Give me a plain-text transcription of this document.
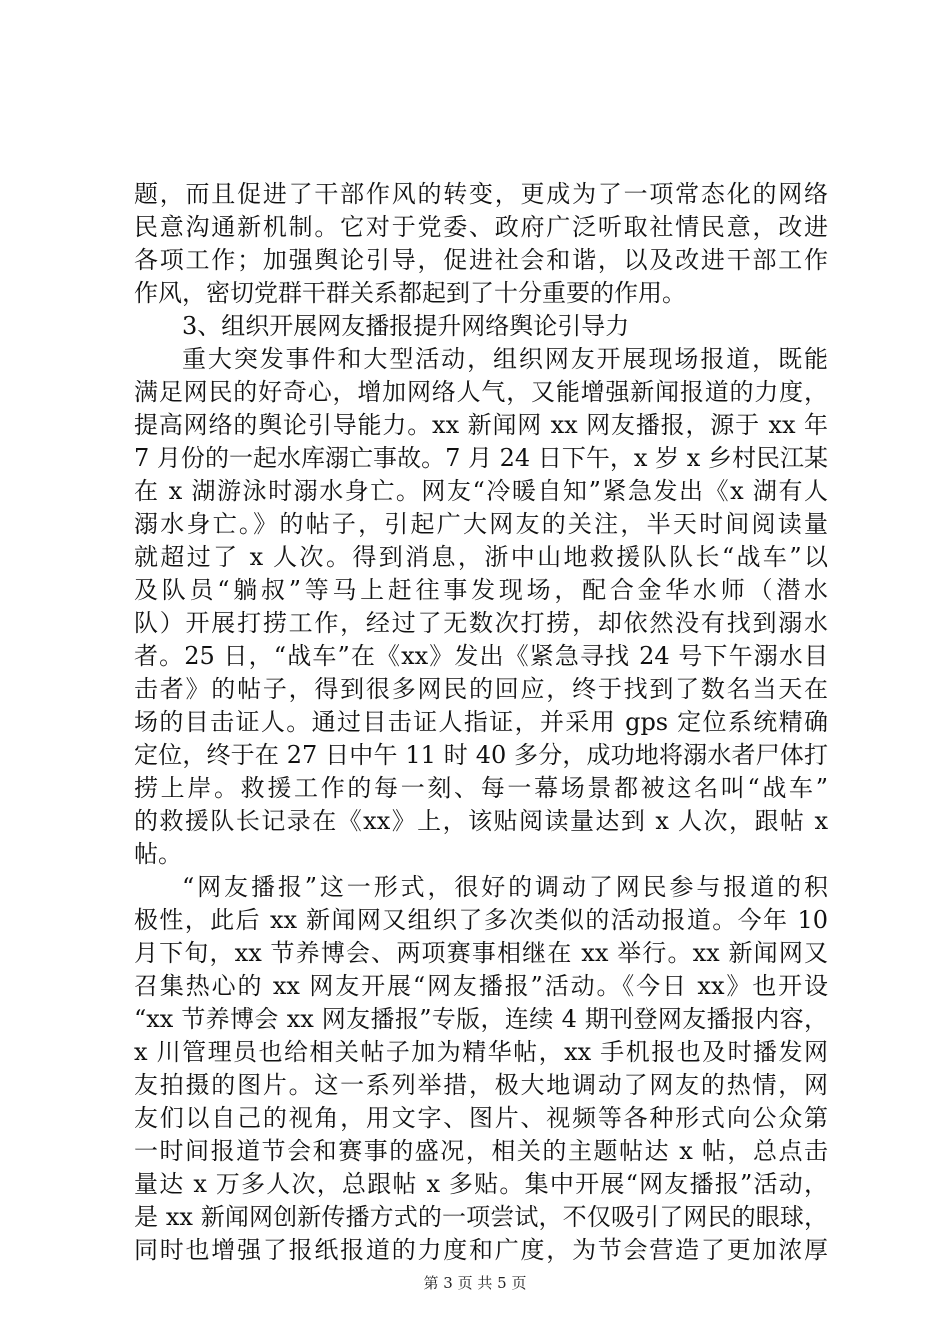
题，而且促进了干部作风的转变，更成为了一项常态化的网络
民意沟通新机制。它对于党委、政府广泛听取社情民意，改进
各项工作；加强舆论引导，促进社会和谐，以及改进干部工作
作风，密切党群干群关系都起到了十分重要的作用。
3、组织开展网友播报提升网络舆论引导力
重大突发事件和大型活动，组织网友开展现场报道，既能
满足网民的好奇心，增加网络人气，又能增强新闻报道的力度，
提高网络的舆论引导能力。xx 新闻网 xx 网友播报，源于 xx 年
7 月份的一起水库溺亡事故。7 月 24 日下午，x 岁 x 乡村民江某
在 x 湖游泳时溺水身亡。网友“冷暖自知”紧急发出《x 湖有人
溺水身亡。》的帖子，引起广大网友的关注，半天时间阅读量
就超过了 x 人次。得到消息，浙中山地救援队队长“战车”以
及队员“躺叔”等马上赶往事发现场，配合金华水师（潜水
队）开展打捞工作，经过了无数次打捞，却依然没有找到溺水
者。25 日，“战车”在《xx》发出《紧急寻找 24 号下午溺水目
击者》的帖子，得到很多网民的回应，终于找到了数名当天在
场的目击证人。通过目击证人指证，并采用 gps 定位系统精确
定位，终于在 27 日中午 11 时 40 多分，成功地将溺水者尸体打
捞上岸。救援工作的每一刻、每一幕场景都被这名叫“战车”
的救援队长记录在《xx》上，该贴阅读量达到 x 人次，跟帖 x
帖。
“网友播报”这一形式，很好的调动了网民参与报道的积
极性，此后 xx 新闻网又组织了多次类似的活动报道。今年 10
月下旬，xx 节养博会、两项赛事相继在 xx 举行。xx 新闻网又
召集热心的 xx 网友开展“网友播报”活动。《今日 xx》也开设
“xx 节养博会 xx 网友播报”专版，连续 4 期刊登网友播报内容，
x 川管理员也给相关帖子加为精华帖，xx 手机报也及时播发网
友拍摄的图片。这一系列举措，极大地调动了网友的热情，网
友们以自己的视角，用文字、图片、视频等各种形式向公众第
一时间报道节会和赛事的盛况，相关的主题帖达 x 帖，总点击
量达 x 万多人次，总跟帖 x 多贴。集中开展“网友播报”活动，
是 xx 新闻网创新传播方式的一项尝试，不仅吸引了网民的眼球，
同时也增强了报纸报道的力度和广度，为节会营造了更加浓厚
第 3 页 共 5 页
